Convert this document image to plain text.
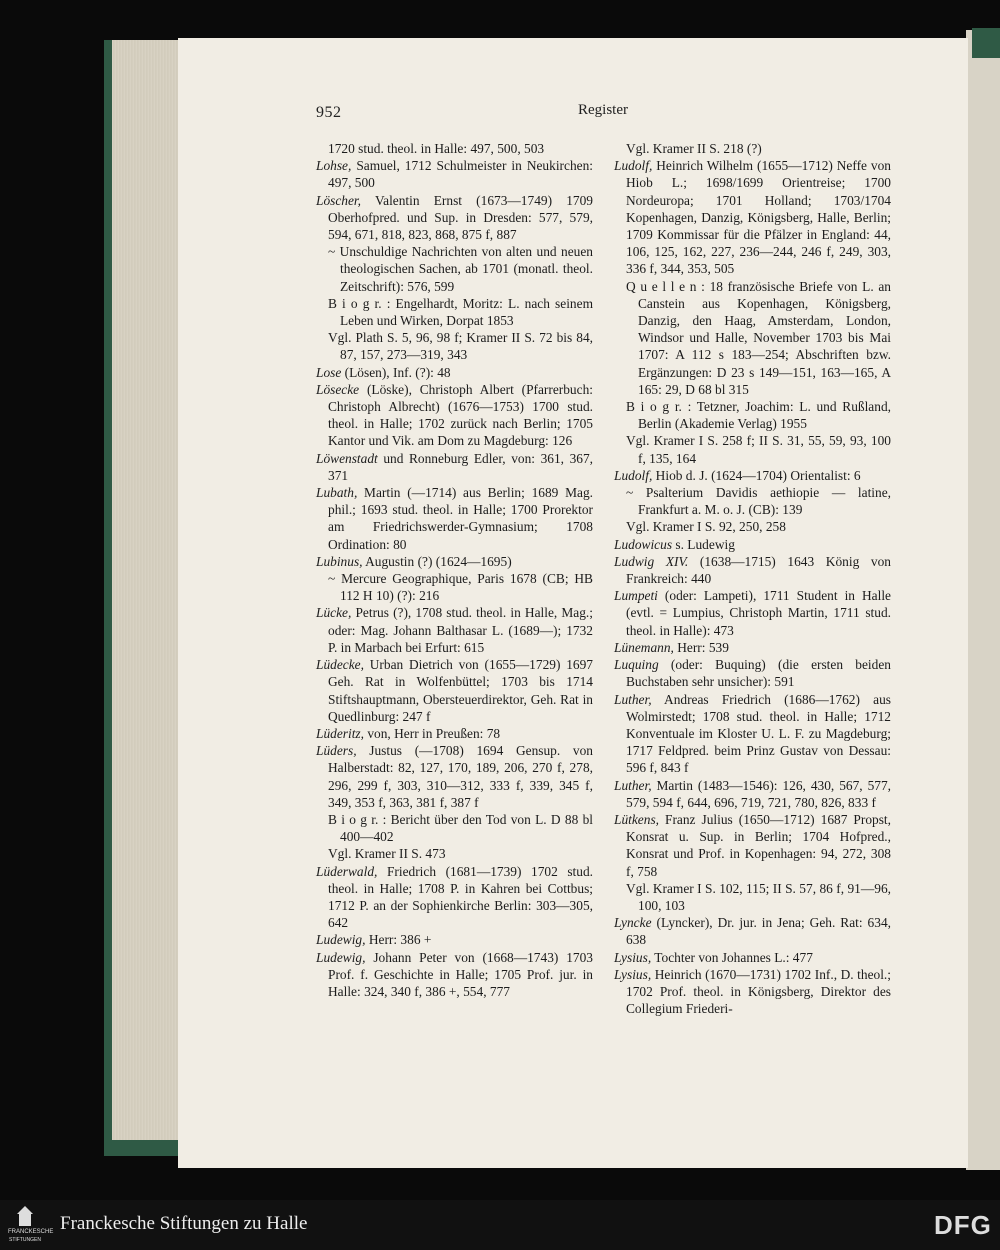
952	Register

1720 stud. theol. in Halle: 497, 500, 503

Lohse, Samuel, 1712 Schulmeister in Neukirchen: 497, 500

Löscher, Valentin Ernst (1673—1749) 1709 Oberhofpred. und Sup. in Dresden: 577, 579, 594, 671, 818, 823, 868, 875 f, 887

~ Unschuldige Nachrichten von alten und neuen theologischen Sachen, ab 1701 (monatl. theol. Zeitschrift): 576, 599

B i o g r. : Engelhardt, Moritz: L. nach seinem Leben und Wirken, Dorpat 1853

Vgl. Plath S. 5, 96, 98 f; Kramer II S. 72 bis 84, 87, 157, 273—319, 343

Lose (Lösen), Inf. (?): 48

Lösecke (Löske), Christoph Albert (Pfarrerbuch: Christoph Albrecht) (1676—1753) 1700 stud. theol. in Halle; 1702 zurück nach Berlin; 1705 Kantor und Vik. am Dom zu Magdeburg: 126

Löwenstadt und Ronneburg Edler, von: 361, 367, 371

Lubath, Martin (—1714) aus Berlin; 1689 Mag. phil.; 1693 stud. theol. in Halle; 1700 Prorektor am Friedrichswerder-Gymnasium; 1708 Ordination: 80

Lubinus, Augustin (?) (1624—1695)

~ Mercure Geographique, Paris 1678 (CB; HB 112 H 10) (?): 216

Lücke, Petrus (?), 1708 stud. theol. in Halle, Mag.; oder: Mag. Johann Balthasar L. (1689—); 1732 P. in Marbach bei Erfurt: 615

Lüdecke, Urban Dietrich von (1655—1729) 1697 Geh. Rat in Wolfenbüttel; 1703 bis 1714 Stiftshauptmann, Obersteuerdirektor, Geh. Rat in Quedlinburg: 247 f

Lüderitz, von, Herr in Preußen: 78

Lüders, Justus (—1708) 1694 Gensup. von Halberstadt: 82, 127, 170, 189, 206, 270 f, 278, 296, 299 f, 303, 310—312, 333 f, 339, 345 f, 349, 353 f, 363, 381 f, 387 f

B i o g r. : Bericht über den Tod von L. D 88 bl 400—402

Vgl. Kramer II S. 473

Lüderwald, Friedrich (1681—1739) 1702 stud. theol. in Halle; 1708 P. in Kahren bei Cottbus; 1712 P. an der Sophienkirche Berlin: 303—305, 642

Ludewig, Herr: 386 +

Ludewig, Johann Peter von (1668—1743) 1703 Prof. f. Geschichte in Halle; 1705 Prof. jur. in Halle: 324, 340 f, 386 +, 554, 777

Vgl. Kramer II S. 218 (?)

Ludolf, Heinrich Wilhelm (1655—1712) Neffe von Hiob L.; 1698/1699 Orientreise; 1700 Nordeuropa; 1701 Holland; 1703/1704 Kopenhagen, Danzig, Königsberg, Halle, Berlin; 1709 Kommissar für die Pfälzer in England: 44, 106, 125, 162, 227, 236—244, 246 f, 249, 303, 336 f, 344, 353, 505

Q u e l l e n : 18 französische Briefe von L. an Canstein aus Kopenhagen, Königsberg, Danzig, den Haag, Amsterdam, London, Windsor und Halle, November 1703 bis Mai 1707: A 112 s 183—254; Abschriften bzw. Ergänzungen: D 23 s 149—151, 163—165, A 165: 29, D 68 bl 315

B i o g r. : Tetzner, Joachim: L. und Rußland, Berlin (Akademie Verlag) 1955

Vgl. Kramer I S. 258 f; II S. 31, 55, 59, 93, 100 f, 135, 164

Ludolf, Hiob d. J. (1624—1704) Orientalist: 6

~ Psalterium Davidis aethiopie — latine, Frankfurt a. M. o. J. (CB): 139

Vgl. Kramer I S. 92, 250, 258

Ludowicus s. Ludewig

Ludwig XIV. (1638—1715) 1643 König von Frankreich: 440

Lumpeti (oder: Lampeti), 1711 Student in Halle (evtl. = Lumpius, Christoph Martin, 1711 stud. theol. in Halle): 473

Lünemann, Herr: 539

Luquing (oder: Buquing) (die ersten beiden Buchstaben sehr unsicher): 591

Luther, Andreas Friedrich (1686—1762) aus Wolmirstedt; 1708 stud. theol. in Halle; 1712 Konventuale im Kloster U. L. F. zu Magdeburg; 1717 Feldpred. beim Prinz Gustav von Dessau: 596 f, 843 f

Luther, Martin (1483—1546): 126, 430, 567, 577, 579, 594 f, 644, 696, 719, 721, 780, 826, 833 f

Lütkens, Franz Julius (1650—1712) 1687 Propst, Konsrat u. Sup. in Berlin; 1704 Hofpred., Konsrat und Prof. in Kopenhagen: 94, 272, 308 f, 758

Vgl. Kramer I S. 102, 115; II S. 57, 86 f, 91—96, 100, 103

Lyncke (Lyncker), Dr. jur. in Jena; Geh. Rat: 634, 638

Lysius, Tochter von Johannes L.: 477

Lysius, Heinrich (1670—1731) 1702 Inf., D. theol.; 1702 Prof. theol. in Königsberg, Direktor des Collegium Friederi-

FRANCKESCHE
STIFTUNGEN
Franckesche Stiftungen zu Halle	DFG
